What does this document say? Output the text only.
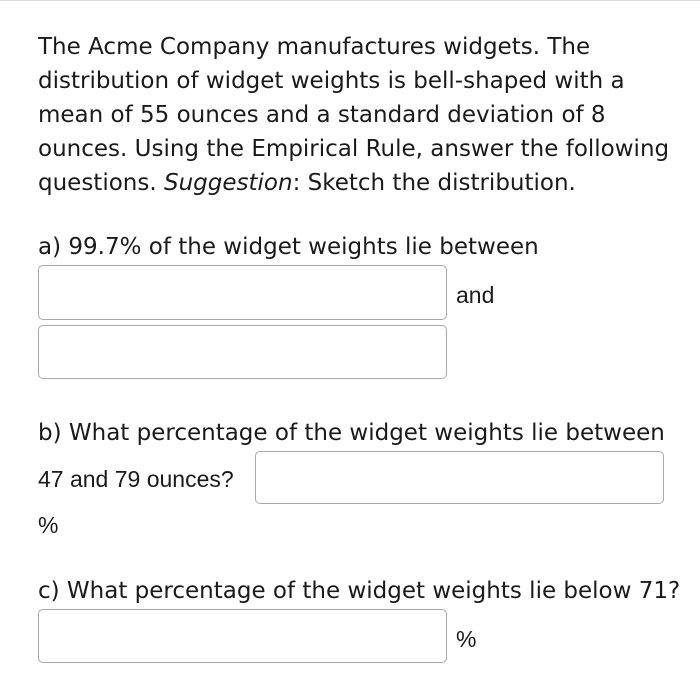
The Acme Company manufactures widgets. The distribution of widget weights is bell-shaped with a mean of 55 ounces and a standard deviation of 8 ounces. Using the Empirical Rule, answer the following questions. Suggestion: Sketch the distribution.
a) 99.7% of the widget weights lie between
and
b) What percentage of the widget weights lie between
47 and 79 ounces?
%
c) What percentage of the widget weights lie below 71?
%
